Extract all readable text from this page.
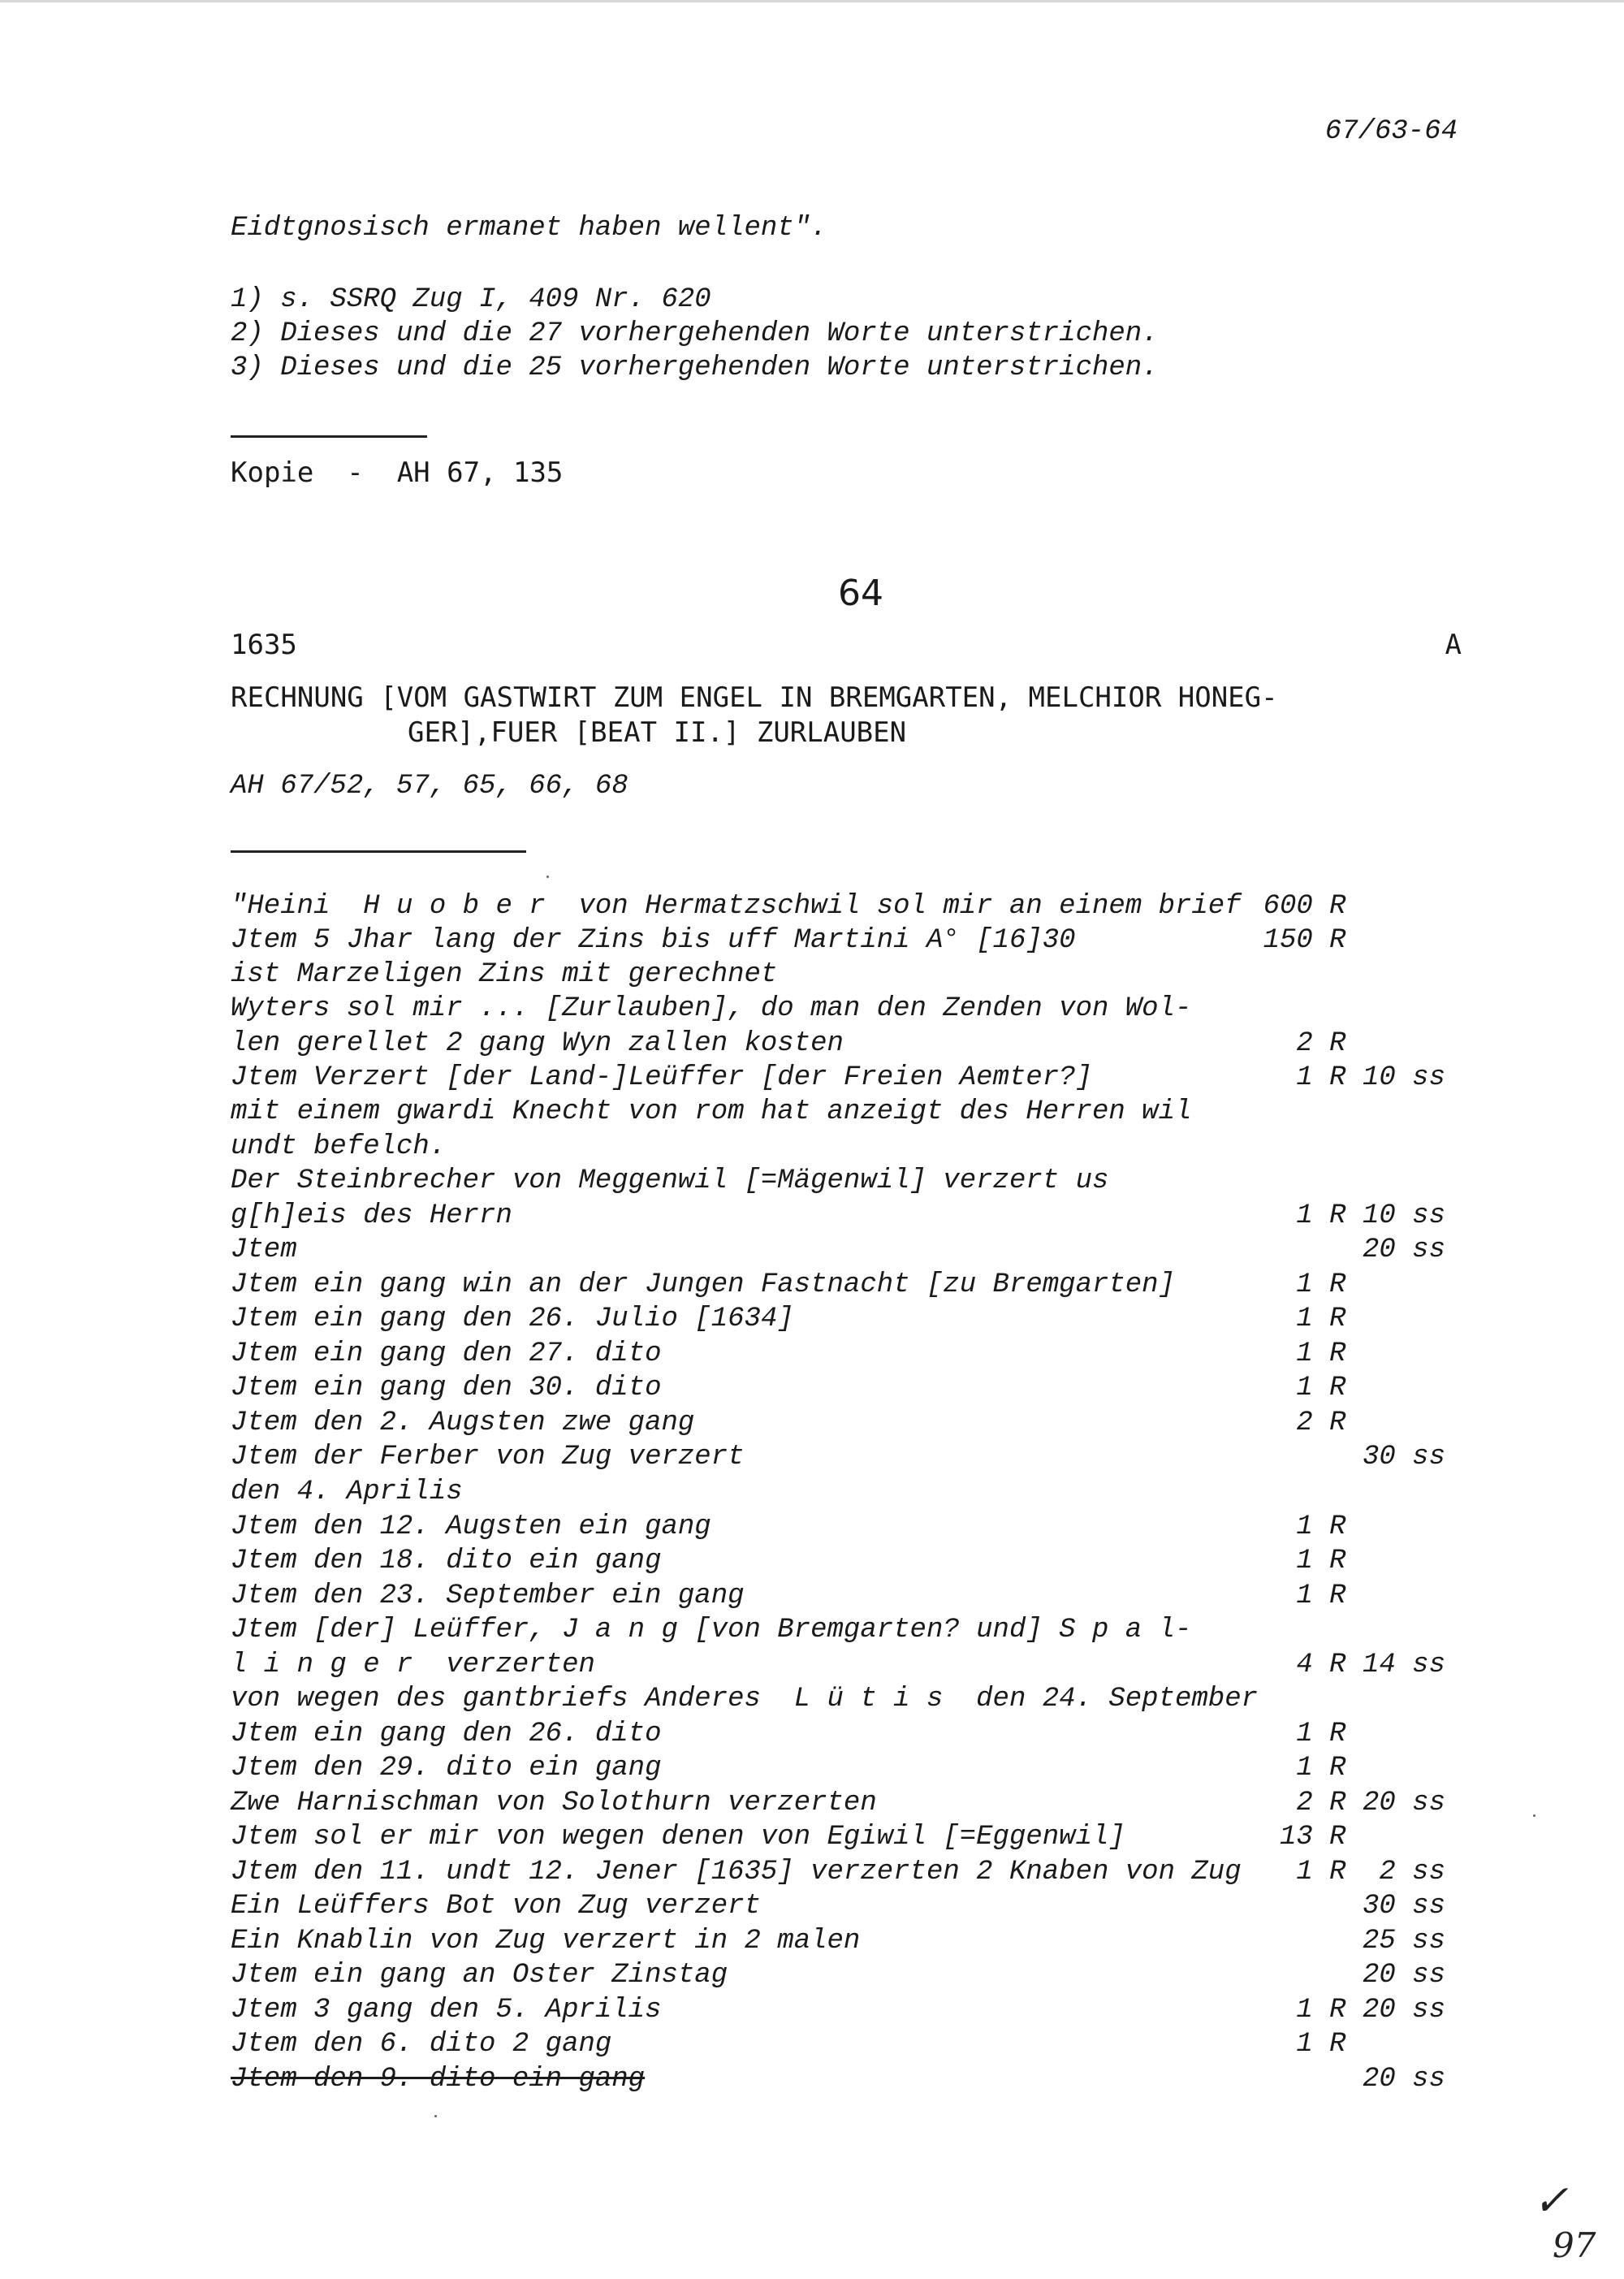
67/63-64
Eidtgnosisch ermanet haben wellent".
1) s. SSRQ Zug I, 409 Nr. 620
2) Dieses und die 27 vorhergehenden Worte unterstrichen.
3) Dieses und die 25 vorhergehenden Worte unterstrichen.
Kopie  -  AH 67, 135
64
1635	A
RECHNUNG [VOM GASTWIRT ZUM ENGEL IN BREMGARTEN, MELCHIOR HONEG-
GER],FUER [BEAT II.] ZURLAUBEN
AH 67/52, 57, 65, 66, 68
"Heini  H u o b e r  von Hermatzschwil sol mir an einem brief 600 R
Jtem 5 Jhar lang der Zins bis uff Martini A° [16]30	150 R
ist Marzeligen Zins mit gerechnet
Wyters sol mir ... [Zurlauben], do man den Zenden von Wol-
len gerellet 2 gang Wyn zallen kosten	2 R
Jtem Verzert [der Land-]Leüffer [der Freien Aemter?]	1 R 10 ss
mit einem gwardi Knecht von rom hat anzeigt des Herren wil
undt befelch.
Der Steinbrecher von Meggenwil [=Mägenwil] verzert us
g[h]eis des Herrn	1 R 10 ss
Jtem	20 ss
Jtem ein gang win an der Jungen Fastnacht [zu Bremgarten]	1 R
Jtem ein gang den 26. Julio [1634]	1 R
Jtem ein gang den 27. dito	1 R
Jtem ein gang den 30. dito	1 R
Jtem den 2. Augsten zwe gang	2 R
Jtem der Ferber von Zug verzert	30 ss
den 4. Aprilis
Jtem den 12. Augsten ein gang	1 R
Jtem den 18. dito ein gang	1 R
Jtem den 23. September ein gang	1 R
Jtem [der] Leüffer, J a n g [von Bremgarten? und] S p a l-
l i n g e r  verzerten	4 R 14 ss
von wegen des gantbriefs Anderes  L ü t i s  den 24. September
Jtem ein gang den 26. dito	1 R
Jtem den 29. dito ein gang	1 R
Zwe Harnischman von Solothurn verzerten	2 R 20 ss
Jtem sol er mir von wegen denen von Egiwil [=Eggenwil]	13 R
Jtem den 11. undt 12. Jener [1635] verzerten 2 Knaben von Zug 1 R  2 ss
Ein Leüffers Bot von Zug verzert	30 ss
Ein Knablin von Zug verzert in 2 malen	25 ss
Jtem ein gang an Oster Zinstag	20 ss
Jtem 3 gang den 5. Aprilis	1 R 20 ss
Jtem den 6. dito 2 gang	1 R
Jtem den 9. dito ein gang	20 ss
✓
97
